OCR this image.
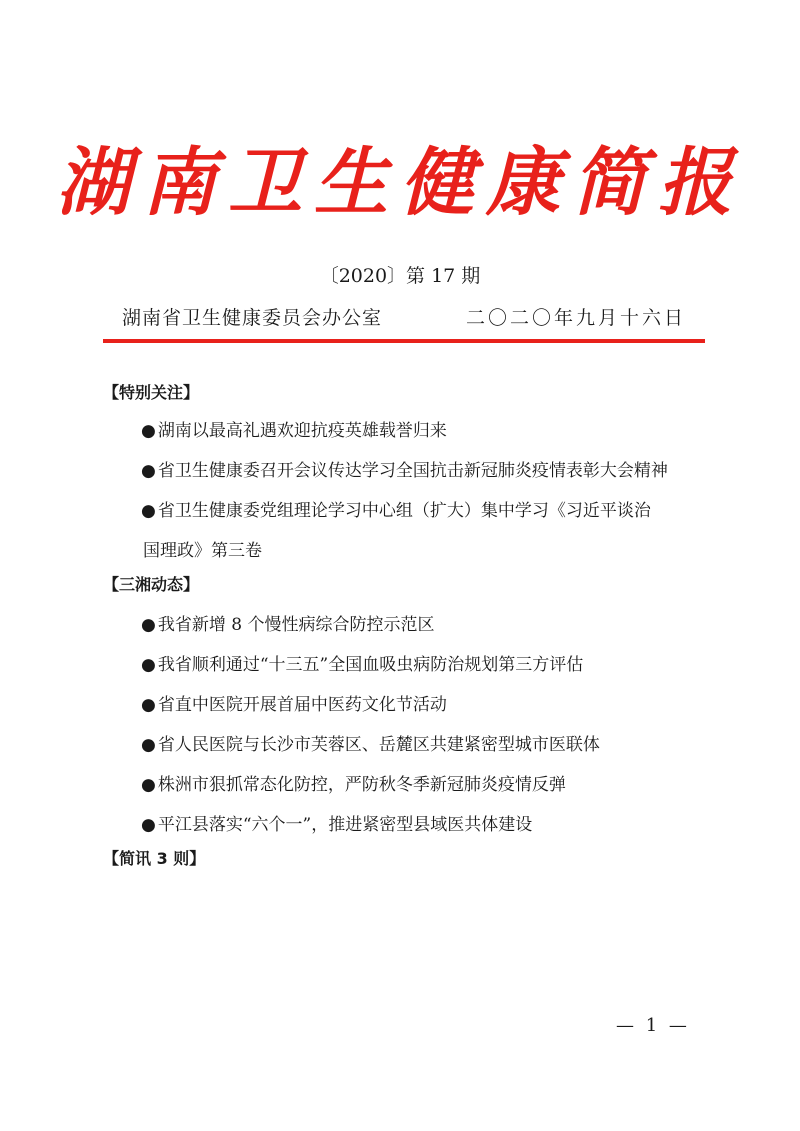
湖南卫生健康简报
〔2020〕第 17 期
湖南省卫生健康委员会办公室	二〇二〇年九月十六日
【特别关注】
● 湖南以最高礼遇欢迎抗疫英雄载誉归来
● 省卫生健康委召开会议传达学习全国抗击新冠肺炎疫情表彰大会精神
● 省卫生健康委党组理论学习中心组（扩大）集中学习《习近平谈治
国理政》第三卷
【三湘动态】
● 我省新增 8 个慢性病综合防控示范区
● 我省顺利通过“十三五”全国血吸虫病防治规划第三方评估
● 省直中医院开展首届中医药文化节活动
● 省人民医院与长沙市芙蓉区、岳麓区共建紧密型城市医联体
● 株洲市狠抓常态化防控，严防秋冬季新冠肺炎疫情反弹
● 平江县落实“六个一”，推进紧密型县域医共体建设
【简讯 3 则】
— 1 —
